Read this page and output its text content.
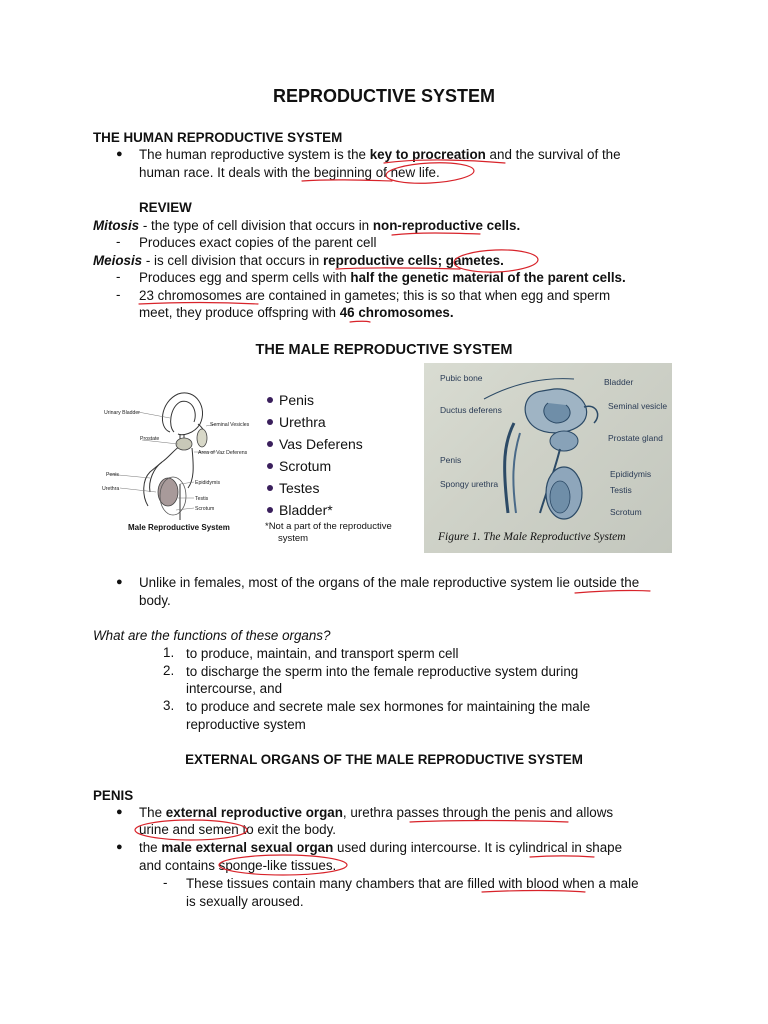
REPRODUCTIVE SYSTEM
THE HUMAN REPRODUCTIVE SYSTEM
● The human reproductive system is the key to procreation and the survival of the
human race. It deals with the beginning of new life.
REVIEW
Mitosis - the type of cell division that occurs in non-reproductive cells.
- Produces exact copies of the parent cell
Meiosis - is cell division that occurs in reproductive cells; gametes.
- Produces egg and sperm cells with half the genetic material of the parent cells.
- 23 chromosomes are contained in gametes; this is so that when egg and sperm
meet, they produce offspring with 46 chromosomes.
THE MALE REPRODUCTIVE SYSTEM
Urinary Bladder
Seminal Vesicles
Prostate
Area of Vaz Deferens
Penis
Urethra
Epididymis
Testis
Scrotum
Male Reproductive System
Penis
Urethra
Vas Deferens
Scrotum
Testes
Bladder*
*Not a part of the reproductive
system
Pubic bone	Bladder
Ductus deferens	Seminal vesicle
Prostate gland
Penis
Epididymis
Spongy urethra
Testis
Scrotum
Figure 1. The Male Reproductive System
● Unlike in females, most of the organs of the male reproductive system lie outside the
body.
What are the functions of these organs?
1. to produce, maintain, and transport sperm cell
2. to discharge the sperm into the female reproductive system during
intercourse, and
3. to produce and secrete male sex hormones for maintaining the male
reproductive system
EXTERNAL ORGANS OF THE MALE REPRODUCTIVE SYSTEM
PENIS
● The external reproductive organ, urethra passes through the penis and allows
urine and semen to exit the body.
● the male external sexual organ used during intercourse. It is cylindrical in shape
and contains sponge-like tissues.
- These tissues contain many chambers that are filled with blood when a male
is sexually aroused.
